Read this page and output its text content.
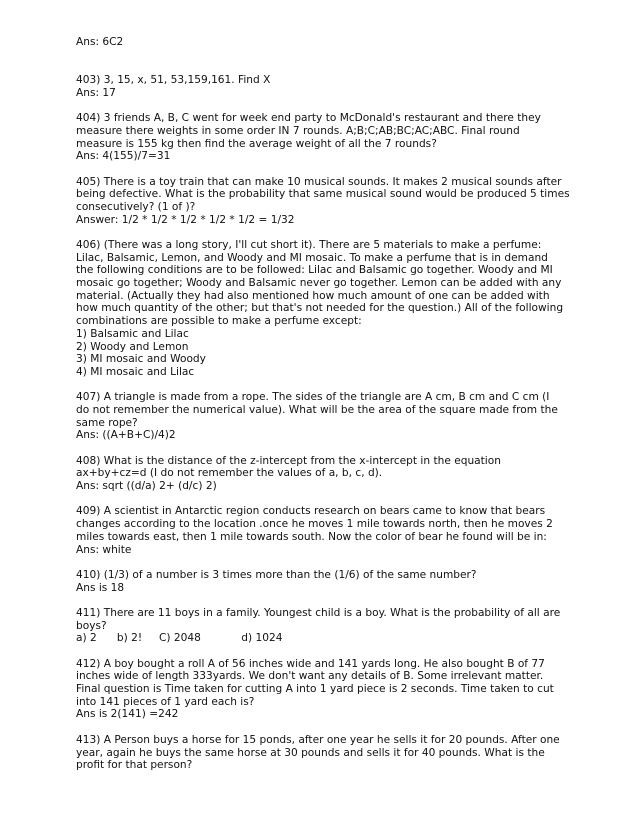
Ans: 6C2
403) 3, 15, x, 51, 53,159,161. Find X
Ans: 17
404) 3 friends A, B, C went for week end party to McDonald's restaurant and there they
measure there weights in some order IN 7 rounds. A;B;C;AB;BC;AC;ABC. Final round
measure is 155 kg then find the average weight of all the 7 rounds?
Ans: 4(155)/7=31
405) There is a toy train that can make 10 musical sounds. It makes 2 musical sounds after
being defective. What is the probability that same musical sound would be produced 5 times
consecutively? (1 of )?
Answer: 1/2 * 1/2 * 1/2 * 1/2 * 1/2 = 1/32
406) (There was a long story, I'll cut short it). There are 5 materials to make a perfume:
Lilac, Balsamic, Lemon, and Woody and MI mosaic. To make a perfume that is in demand
the following conditions are to be followed: Lilac and Balsamic go together. Woody and MI
mosaic go together; Woody and Balsamic never go together. Lemon can be added with any
material. (Actually they had also mentioned how much amount of one can be added with
how much quantity of the other; but that's not needed for the question.) All of the following
combinations are possible to make a perfume except:
1) Balsamic and Lilac
2) Woody and Lemon
3) MI mosaic and Woody
4) MI mosaic and Lilac
407) A triangle is made from a rope. The sides of the triangle are A cm, B cm and C cm (I
do not remember the numerical value). What will be the area of the square made from the
same rope?
Ans: ((A+B+C)/4)2
408) What is the distance of the z-intercept from the x-intercept in the equation
ax+by+cz=d (I do not remember the values of a, b, c, d).
Ans: sqrt ((d/a) 2+ (d/c) 2)
409) A scientist in Antarctic region conducts research on bears came to know that bears
changes according to the location .once he moves 1 mile towards north, then he moves 2
miles towards east, then 1 mile towards south. Now the color of bear he found will be in:
Ans: white
410) (1/3) of a number is 3 times more than the (1/6) of the same number?
Ans is 18
411) There are 11 boys in a family. Youngest child is a boy. What is the probability of all are
boys?
a) 2      b) 2!     C) 2048            d) 1024
412) A boy bought a roll A of 56 inches wide and 141 yards long. He also bought B of 77
inches wide of length 333yards. We don't want any details of B. Some irrelevant matter.
Final question is Time taken for cutting A into 1 yard piece is 2 seconds. Time taken to cut
into 141 pieces of 1 yard each is?
Ans is 2(141) =242
413) A Person buys a horse for 15 ponds, after one year he sells it for 20 pounds. After one
year, again he buys the same horse at 30 pounds and sells it for 40 pounds. What is the
profit for that person?
